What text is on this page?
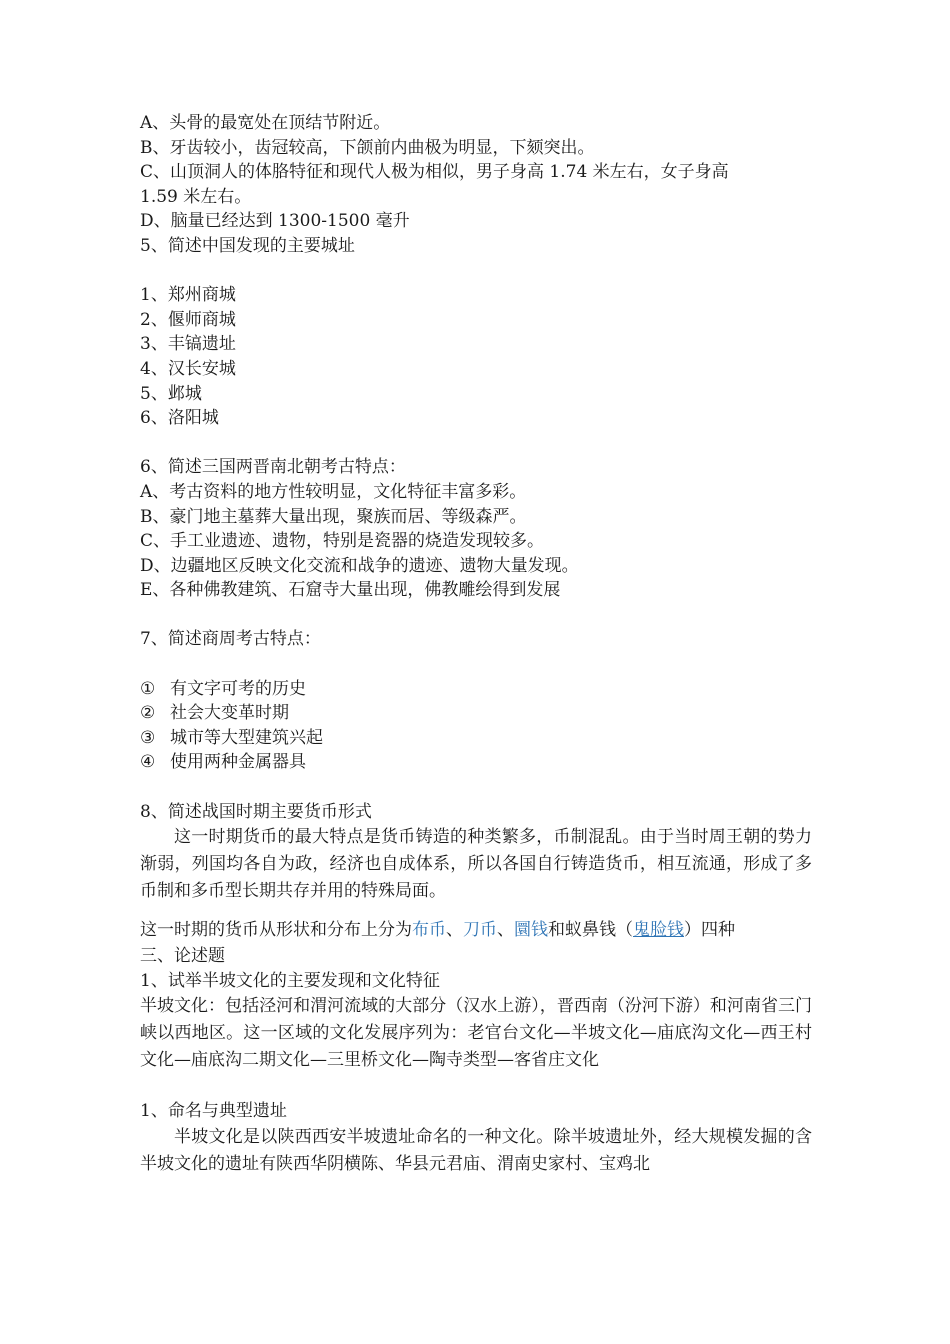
A、头骨的最宽处在顶结节附近。
B、牙齿较小，齿冠较高，下颌前内曲极为明显，下颏突出。
C、山顶洞人的体胳特征和现代人极为相似，男子身高 1.74 米左右，女子身高
1.59 米左右。
D、脑量已经达到 1300-1500 毫升
5、简述中国发现的主要城址
1、郑州商城
2、偃师商城
3、丰镐遗址
4、汉长安城
5、邺城
6、洛阳城
6、简述三国两晋南北朝考古特点：
A、考古资料的地方性较明显，文化特征丰富多彩。
B、豪门地主墓葬大量出现，聚族而居、等级森严。
C、手工业遗迹、遗物，特别是瓷器的烧造发现较多。
D、边疆地区反映文化交流和战争的遗迹、遗物大量发现。
E、各种佛教建筑、石窟寺大量出现，佛教雕绘得到发展
7、简述商周考古特点：
① 有文字可考的历史
② 社会大变革时期
③ 城市等大型建筑兴起
④ 使用两种金属器具
8、简述战国时期主要货币形式
这一时期货币的最大特点是货币铸造的种类繁多，币制混乱。由于当时周王朝的势力渐弱，列国均各自为政，经济也自成体系，所以各国自行铸造货币，相互流通，形成了多币制和多币型长期共存并用的特殊局面。
这一时期的货币从形状和分布上分为布币、刀币、圜钱和蚁鼻钱（鬼脸钱）四种
三、论述题
1、试举半坡文化的主要发现和文化特征
半坡文化：包括泾河和渭河流域的大部分（汉水上游），晋西南（汾河下游）和河南省三门峡以西地区。这一区域的文化发展序列为：老官台文化—半坡文化—庙底沟文化—西王村文化—庙底沟二期文化—三里桥文化—陶寺类型—客省庄文化
1、命名与典型遗址
半坡文化是以陕西西安半坡遗址命名的一种文化。除半坡遗址外，经大规模发掘的含半坡文化的遗址有陕西华阴横陈、华县元君庙、渭南史家村、宝鸡北
